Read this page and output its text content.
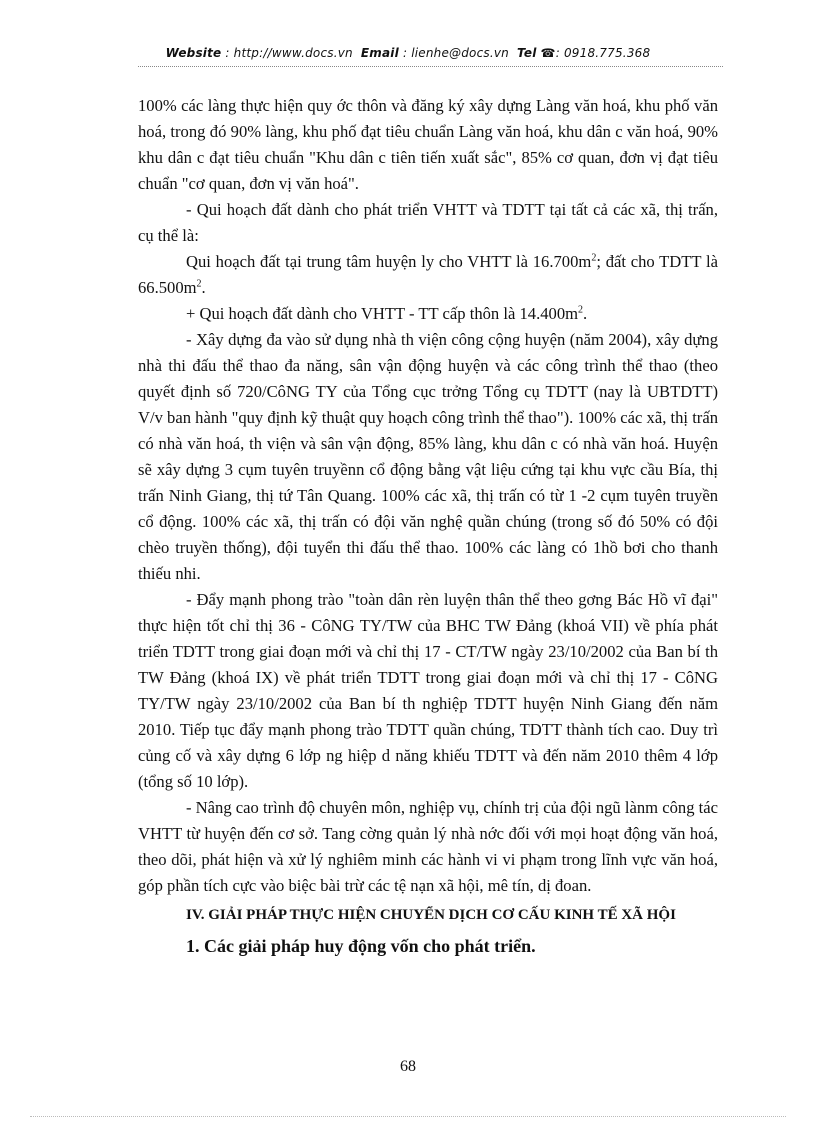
Website : http://www.docs.vn Email : lienhe@docs.vn Tel ☎: 0918.775.368

100% các làng thực hiện quy ớc thôn và đăng ký xây dựng Làng văn hoá, khu phố văn hoá, trong đó 90% làng, khu phố đạt tiêu chuẩn Làng văn hoá, khu dân c văn hoá, 90% khu dân c đạt tiêu chuẩn "Khu dân c tiên tiến xuất sắc", 85% cơ quan, đơn vị đạt tiêu chuẩn "cơ quan, đơn vị văn hoá".

- Qui hoạch đất dành cho phát triển VHTT và TDTT tại tất cả các xã, thị trấn, cụ thể là:

Qui hoạch đất tại trung tâm huyện ly cho VHTT là $16.700m^2$; đất cho TDTT là $66.500m^2$.

+ Qui hoạch đất dành cho VHTT - TT cấp thôn là $14.400m^2$.

- Xây dựng đa vào sử dụng nhà th viện công cộng huyện (năm 2004), xây dựng nhà thi đấu thể thao đa năng, sân vận động huyện và các công trình thể thao (theo quyết định số 720/CôNG TY của Tổng cục trởng Tổng cụ TDTT (nay là UBTDTT) V/v ban hành "quy định kỹ thuật quy hoạch công trình thể thao"). 100% các xã, thị trấn có nhà văn hoá, th viện và sân vận động, 85% làng, khu dân c có nhà văn hoá. Huyện sẽ xây dựng 3 cụm tuyên truyềnn cổ động bằng vật liệu cứng tại khu vực cầu Bía, thị trấn Ninh Giang, thị tứ Tân Quang. 100% các xã, thị trấn có từ 1 -2 cụm tuyên truyền cổ động. 100% các xã, thị trấn có đội văn nghệ quần chúng (trong số đó 50% có đội chèo truyền thống), đội tuyển thi đấu thể thao. 100% các làng có 1hồ bơi cho thanh thiếu nhi.

- Đẩy mạnh phong trào "toàn dân rèn luyện thân thể theo gơng Bác Hồ vĩ đại" thực hiện tốt chỉ thị 36 - CôNG TY/TW của BHC TW Đảng (khoá VII) về phía phát triển TDTT trong giai đoạn mới và chỉ thị 17 - CT/TW ngày 23/10/2002 của Ban bí th TW Đảng (khoá IX) về phát triển TDTT trong giai đoạn mới và chỉ thị 17 - CôNG TY/TW ngày 23/10/2002 của Ban bí th nghiệp TDTT huyện Ninh Giang đến năm 2010. Tiếp tục đẩy mạnh phong trào TDTT quần chúng, TDTT thành tích cao. Duy trì củng cố và xây dựng 6 lớp ng hiệp d năng khiếu TDTT và đến năm 2010 thêm 4 lớp (tổng số 10 lớp).

- Nâng cao trình độ chuyên môn, nghiệp vụ, chính trị của đội ngũ lànm công tác VHTT từ huyện đến cơ sở. Tang cờng quản lý nhà nớc đối với mọi hoạt động văn hoá, theo dõi, phát hiện và xử lý nghiêm minh các hành vi vi phạm trong lĩnh vực văn hoá, góp phần tích cực vào biệc bài trừ các tệ nạn xã hội, mê tín, dị đoan.

IV. GIẢI PHÁP THỰC HIỆN CHUYỂN DỊCH CƠ CẤU KINH TẾ XÃ HỘI

1. Các giải pháp huy động vốn cho phát triển.

68
